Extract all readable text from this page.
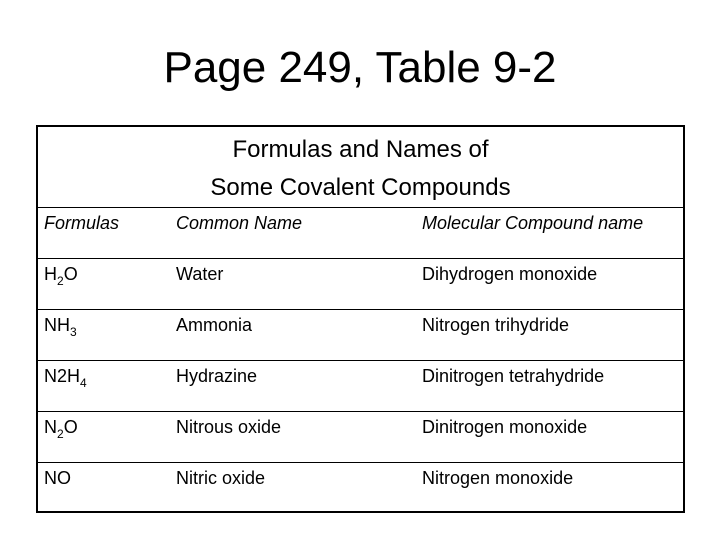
Page 249, Table 9-2
Formulas and Names of
Some Covalent Compounds
Formulas	Common Name	Molecular Compound name
$H_2O$	Water	Dihydrogen monoxide
$NH_3$	Ammonia	Nitrogen trihydride
$N2H_4$	Hydrazine	Dinitrogen tetrahydride
$N_2O$	Nitrous oxide	Dinitrogen monoxide
NO	Nitric oxide	Nitrogen monoxide
